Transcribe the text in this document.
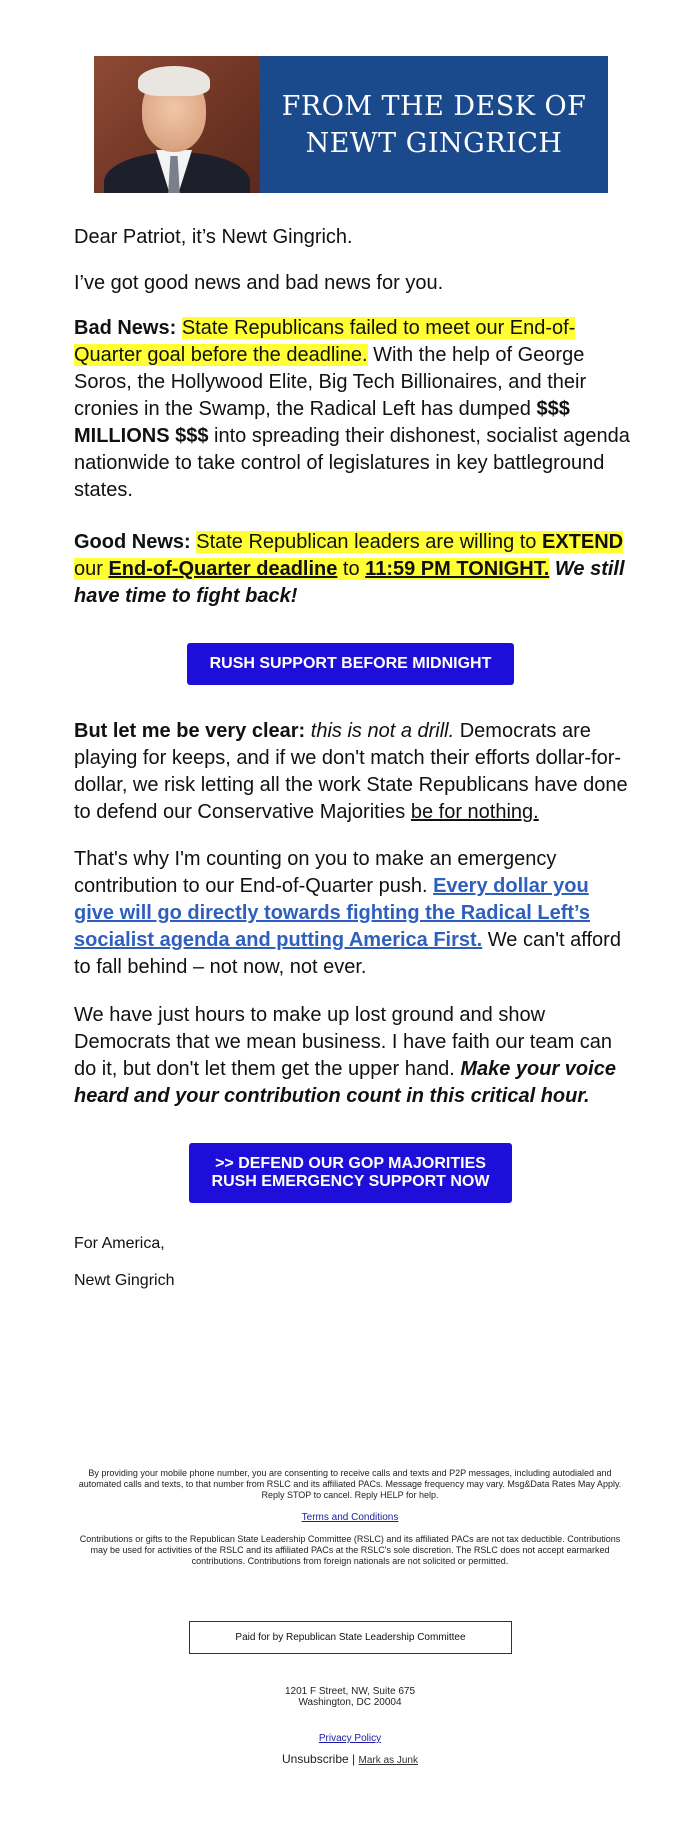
FROM THE DESK OF
NEWT GINGRICH

Dear Patriot, it’s Newt Gingrich.

I’ve got good news and bad news for you.

Bad News: State Republicans failed to meet our End-of-Quarter goal before the deadline. With the help of George Soros, the Hollywood Elite, Big Tech Billionaires, and their cronies in the Swamp, the Radical Left has dumped $$$ MILLIONS $$$ into spreading their dishonest, socialist agenda nationwide to take control of legislatures in key battleground states.

Good News: State Republican leaders are willing to EXTEND our End-of-Quarter deadline to 11:59 PM TONIGHT. We still have time to fight back!

RUSH SUPPORT BEFORE MIDNIGHT

But let me be very clear: this is not a drill. Democrats are playing for keeps, and if we don't match their efforts dollar-for-dollar, we risk letting all the work State Republicans have done to defend our Conservative Majorities be for nothing.

That's why I'm counting on you to make an emergency contribution to our End-of-Quarter push. Every dollar you give will go directly towards fighting the Radical Left’s socialist agenda and putting America First. We can't afford to fall behind – not now, not ever.

We have just hours to make up lost ground and show Democrats that we mean business. I have faith our team can do it, but don't let them get the upper hand. Make your voice heard and your contribution count in this critical hour.

>> DEFEND OUR GOP MAJORITIES
RUSH EMERGENCY SUPPORT NOW
For America,
Newt Gingrich
By providing your mobile phone number, you are consenting to receive calls and texts and P2P messages, including autodialed and automated calls and texts, to that number from RSLC and its affiliated PACs. Message frequency may vary. Msg&Data Rates May Apply. Reply STOP to cancel. Reply HELP for help.
Terms and Conditions
Contributions or gifts to the Republican State Leadership Committee (RSLC) and its affiliated PACs are not tax deductible. Contributions may be used for activities of the RSLC and its affiliated PACs at the RSLC's sole discretion. The RSLC does not accept earmarked contributions. Contributions from foreign nationals are not solicited or permitted.
Paid for by Republican State Leadership Committee
1201 F Street, NW, Suite 675
Washington, DC 20004
Privacy Policy
Unsubscribe | Mark as Junk
